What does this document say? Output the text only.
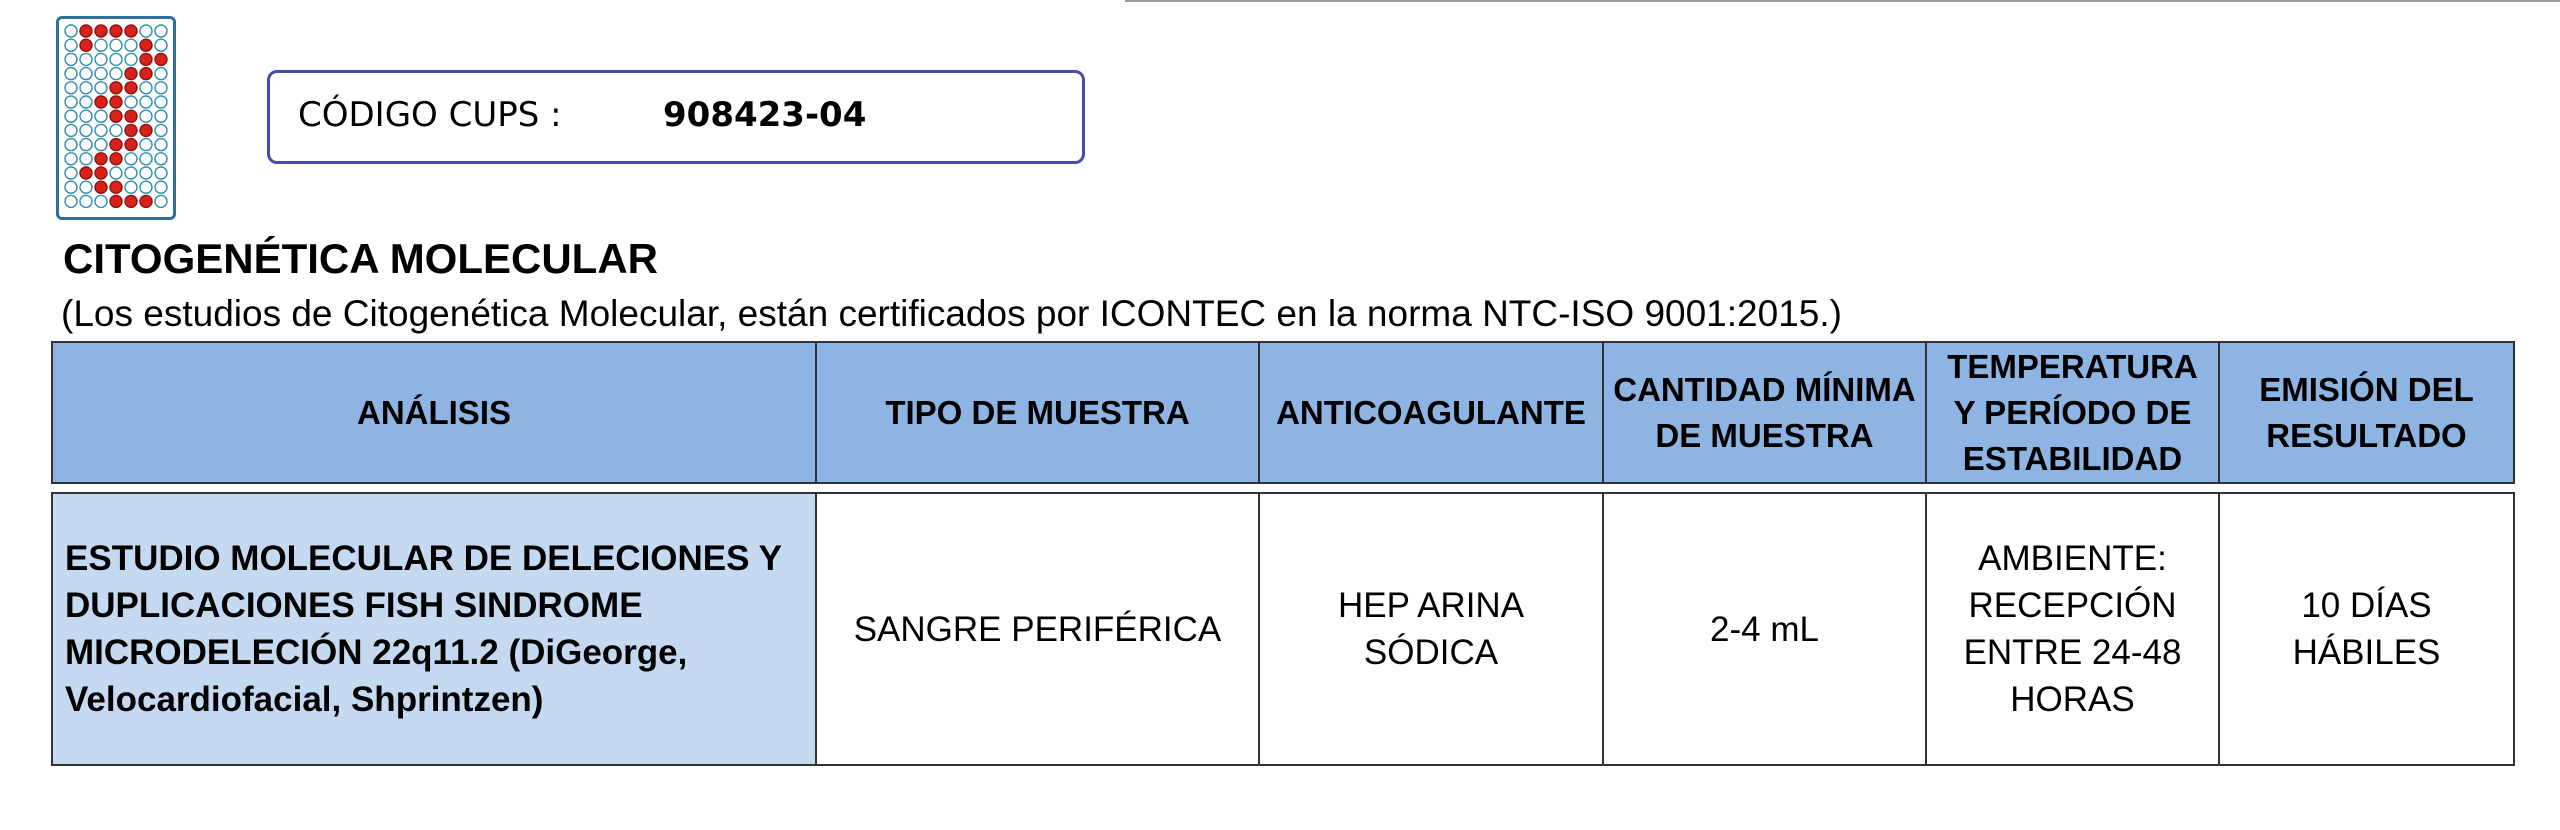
CÓDIGO CUPS :	908423-04
CITOGENÉTICA MOLECULAR
(Los estudios de Citogenética Molecular, están certificados por ICONTEC en la norma NTC-ISO 9001:2015.)
ANÁLISIS	TIPO DE MUESTRA	ANTICOAGULANTE	CANTIDAD MÍNIMA DE MUESTRA	TEMPERATURA Y PERÍODO DE ESTABILIDAD	EMISIÓN DEL RESULTADO

ESTUDIO MOLECULAR DE DELECIONES Y DUPLICACIONES FISH SINDROME MICRODELECIÓN 22q11.2 (DiGeorge, Velocardiofacial, Shprintzen)	SANGRE PERIFÉRICA	HEP ARINA SÓDICA	2-4 mL	AMBIENTE: RECEPCIÓN ENTRE 24-48 HORAS	10 DÍAS HÁBILES
